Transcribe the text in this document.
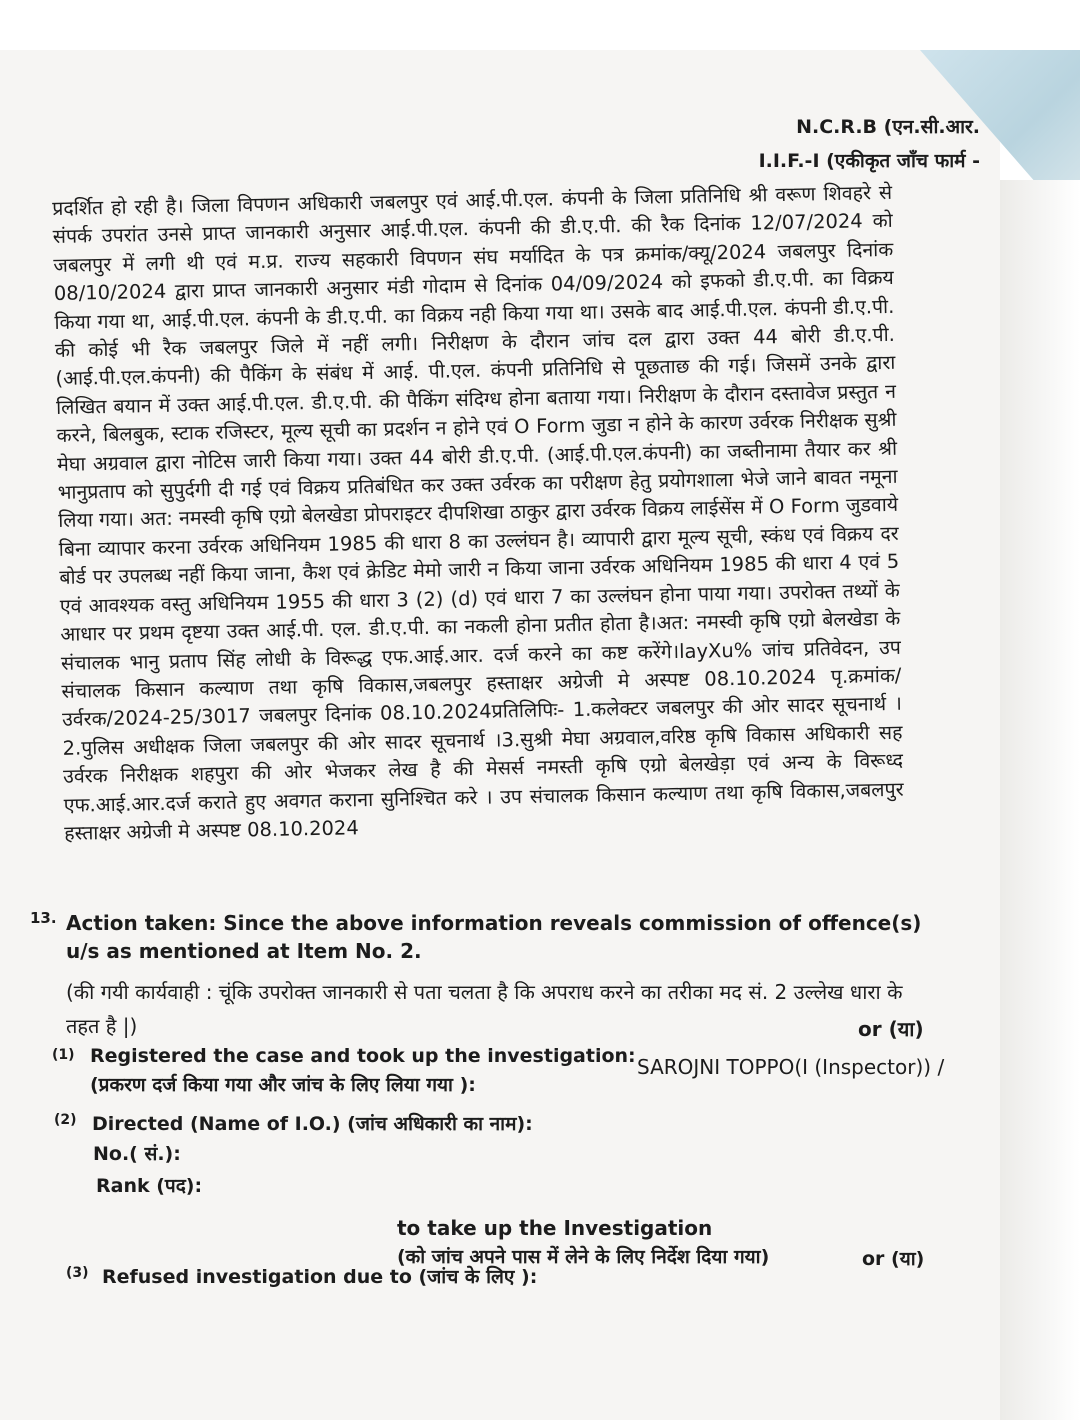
N.C.R.B (एन.सी.आर.
I.I.F.-I (एकीकृत जाँच फार्म -
प्रदर्शित हो रही है। जिला विपणन अधिकारी जबलपुर एवं आई.पी.एल. कंपनी के जिला प्रतिनिधि श्री वरूण शिवहरे से संपर्क उपरांत उनसे प्राप्त जानकारी अनुसार आई.पी.एल. कंपनी की डी.ए.पी. की रैक दिनांक 12/07/2024 को जबलपुर में लगी थी एवं म.प्र. राज्य सहकारी विपणन संघ मर्यादित के पत्र क्रमांक/क्यू/2024 जबलपुर दिनांक 08/10/2024 द्वारा प्राप्त जानकारी अनुसार मंडी गोदाम से दिनांक 04/09/2024 को इफको डी.ए.पी. का विक्रय किया गया था, आई.पी.एल. कंपनी के डी.ए.पी. का विक्रय नही किया गया था। उसके बाद आई.पी.एल. कंपनी डी.ए.पी. की कोई भी रैक जबलपुर जिले में नहीं लगी। निरीक्षण के दौरान जांच दल द्वारा उक्त 44 बोरी डी.ए.पी. (आई.पी.एल.कंपनी) की पैकिंग के संबंध में आई. पी.एल. कंपनी प्रतिनिधि से पूछताछ की गई। जिसमें उनके द्वारा लिखित बयान में उक्त आई.पी.एल. डी.ए.पी. की पैकिंग संदिग्ध होना बताया गया। निरीक्षण के दौरान दस्तावेज प्रस्तुत न करने, बिलबुक, स्टाक रजिस्टर, मूल्य सूची का प्रदर्शन न होने एवं O Form जुडा न होने के कारण उर्वरक निरीक्षक सुश्री मेघा अग्रवाल द्वारा नोटिस जारी किया गया। उक्त 44 बोरी डी.ए.पी. (आई.पी.एल.कंपनी) का जब्तीनामा तैयार कर श्री भानुप्रताप को सुपुर्दगी दी गई एवं विक्रय प्रतिबंधित कर उक्त उर्वरक का परीक्षण हेतु प्रयोगशाला भेजे जाने बावत नमूना लिया गया। अत: नमस्वी कृषि एग्रो बेलखेडा प्रोपराइटर दीपशिखा ठाकुर द्वारा उर्वरक विक्रय लाईसेंस में O Form जुडवाये बिना व्यापार करना उर्वरक अधिनियम 1985 की धारा 8 का उल्लंघन है। व्यापारी द्वारा मूल्य सूची, स्कंध एवं विक्रय दर बोर्ड पर उपलब्ध नहीं किया जाना, कैश एवं क्रेडिट मेमो जारी न किया जाना उर्वरक अधिनियम 1985 की धारा 4 एवं 5 एवं आवश्यक वस्तु अधिनियम 1955 की धारा 3 (2) (d) एवं धारा 7 का उल्लंघन होना पाया गया। उपरोक्त तथ्यों के आधार पर प्रथम दृष्टया उक्त आई.पी. एल. डी.ए.पी. का नकली होना प्रतीत होता है।अत: नमस्वी कृषि एग्रो बेलखेडा के संचालक भानु प्रताप सिंह लोधी के विरूद्ध एफ.आई.आर. दर्ज करने का कष्ट करेंगे।layXu% जांच प्रतिवेदन, उप संचालक किसान कल्याण तथा कृषि विकास,जबलपुर हस्ताक्षर अग्रेजी मे अस्पष्ट 08.10.2024 पृ.क्रमांक/उर्वरक/2024-25/3017 जबलपुर दिनांक 08.10.2024प्रतिलिपिः- 1.कलेक्टर जबलपुर की ओर सादर सूचनार्थ ।2.पुलिस अधीक्षक जिला जबलपुर की ओर सादर सूचनार्थ ।3.सुश्री मेघा अग्रवाल,वरिष्ठ कृषि विकास अधिकारी सह उर्वरक निरीक्षक शहपुरा की ओर भेजकर लेख है की मेसर्स नमस्ती कृषि एग्रो बेलखेड़ा एवं अन्य के विरूध्द एफ.आई.आर.दर्ज कराते हुए अवगत कराना सुनिश्चित करे । उप संचालक किसान कल्याण तथा कृषि विकास,जबलपुर हस्ताक्षर अग्रेजी मे अस्पष्ट 08.10.2024
13. Action taken: Since the above information reveals commission of offence(s) u/s as mentioned at Item No. 2.
(की गयी कार्यवाही : चूंकि उपरोक्त जानकारी से पता चलता है कि अपराध करने का तरीका मद सं. 2 उल्लेख धारा के तहत है |)	or (या)
(1) Registered the case and took up the investigation:
(प्रकरण दर्ज किया गया और जांच के लिए लिया गया ):
SAROJNI TOPPO(I (Inspector)) /
(2) Directed (Name of I.O.) (जांच अधिकारी का नाम):
No.( सं.):
Rank (पद):
to take up the Investigation
(को जांच अपने पास में लेने के लिए निर्देश दिया गया)	or (या)
(3) Refused investigation due to (जांच के लिए ):
